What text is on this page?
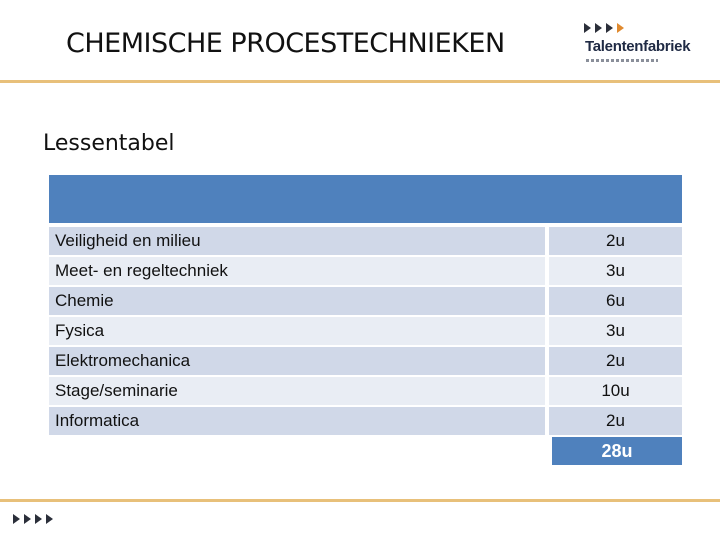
CHEMISCHE PROCESTECHNIEKEN	Talentenfabriek
Lessentabel
Veiligheid en milieu	2u
Meet- en regeltechniek	3u
Chemie	6u
Fysica	3u
Elektromechanica	2u
Stage/seminarie	10u
Informatica	2u
28u
